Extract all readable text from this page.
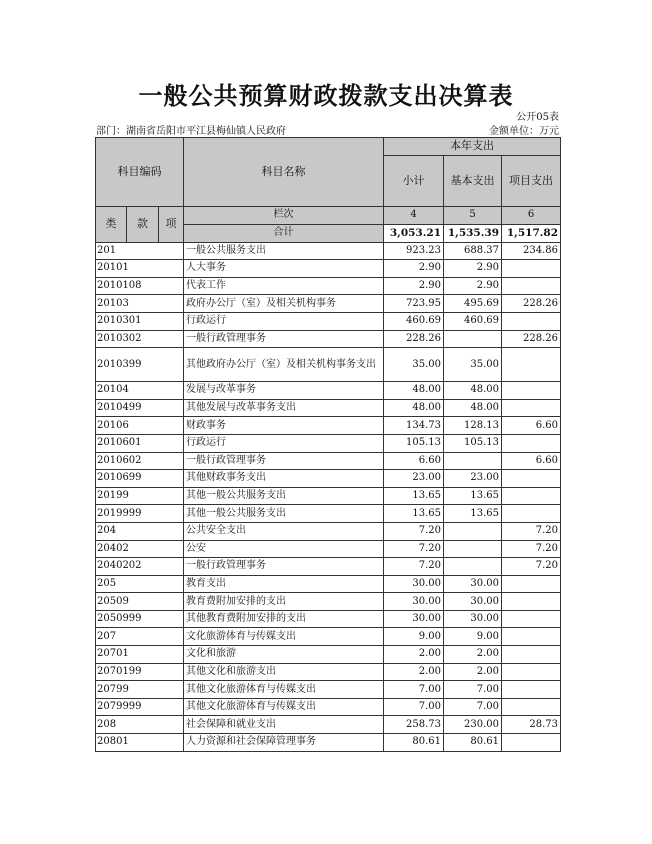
一般公共预算财政拨款支出决算表
公开05表
部门：湖南省岳阳市平江县梅仙镇人民政府	金额单位：万元
科目编码			科目名称	本年支出		
				小计	基本支出	项目支出
类	款	项	栏次	4	5	6
			合计	3,053.21	1,535.39	1,517.82
201			一般公共服务支出	923.23	688.37	234.86
20101			人大事务	2.90	2.90	
2010108			代表工作	2.90	2.90	
20103			政府办公厅（室）及相关机构事务	723.95	495.69	228.26
2010301			行政运行	460.69	460.69	
2010302			一般行政管理事务	228.26		228.26
2010399			其他政府办公厅（室）及相关机构事务支出	35.00	35.00	
20104			发展与改革事务	48.00	48.00	
2010499			其他发展与改革事务支出	48.00	48.00	
20106			财政事务	134.73	128.13	6.60
2010601			行政运行	105.13	105.13	
2010602			一般行政管理事务	6.60		6.60
2010699			其他财政事务支出	23.00	23.00	
20199			其他一般公共服务支出	13.65	13.65	
2019999			其他一般公共服务支出	13.65	13.65	
204			公共安全支出	7.20		7.20
20402			公安	7.20		7.20
2040202			一般行政管理事务	7.20		7.20
205			教育支出	30.00	30.00	
20509			教育费附加安排的支出	30.00	30.00	
2050999			其他教育费附加安排的支出	30.00	30.00	
207			文化旅游体育与传媒支出	9.00	9.00	
20701			文化和旅游	2.00	2.00	
2070199			其他文化和旅游支出	2.00	2.00	
20799			其他文化旅游体育与传媒支出	7.00	7.00	
2079999			其他文化旅游体育与传媒支出	7.00	7.00	
208			社会保障和就业支出	258.73	230.00	28.73
20801			人力资源和社会保障管理事务	80.61	80.61	
